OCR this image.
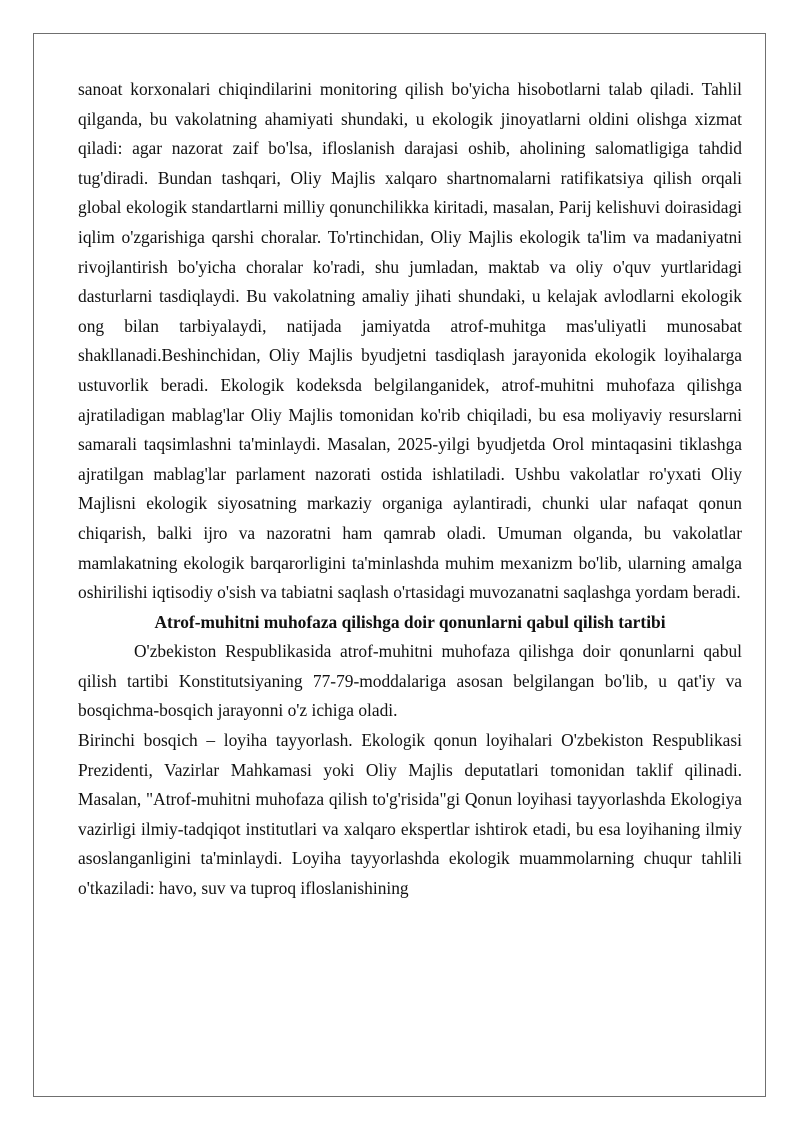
sanoat korxonalari chiqindilarini monitoring qilish bo'yicha hisobotlarni talab qiladi. Tahlil qilganda, bu vakolatning ahamiyati shundaki, u ekologik jinoyatlarni oldini olishga xizmat qiladi: agar nazorat zaif bo'lsa, ifloslanish darajasi oshib, aholining salomatligiga tahdid tug'diradi. Bundan tashqari, Oliy Majlis xalqaro shartnomalarni ratifikatsiya qilish orqali global ekologik standartlarni milliy qonunchilikka kiritadi, masalan, Parij kelishuvi doirasidagi iqlim o'zgarishiga qarshi choralar. To'rtinchidan, Oliy Majlis ekologik ta'lim va madaniyatni rivojlantirish bo'yicha choralar ko'radi, shu jumladan, maktab va oliy o'quv yurtlaridagi dasturlarni tasdiqlaydi. Bu vakolatning amaliy jihati shundaki, u kelajak avlodlarni ekologik ong bilan tarbiyalaydi, natijada jamiyatda atrof-muhitga mas'uliyatli munosabat shakllanadi.Beshinchidan, Oliy Majlis byudjetni tasdiqlash jarayonida ekologik loyihalarga ustuvorlik beradi. Ekologik kodeksda belgilanganidek, atrof-muhitni muhofaza qilishga ajratiladigan mablag'lar Oliy Majlis tomonidan ko'rib chiqiladi, bu esa moliyaviy resurslarni samarali taqsimlashni ta'minlaydi. Masalan, 2025-yilgi byudjetda Orol mintaqasini tiklashga ajratilgan mablag'lar parlament nazorati ostida ishlatiladi. Ushbu vakolatlar ro'yxati Oliy Majlisni ekologik siyosatning markaziy organiga aylantiradi, chunki ular nafaqat qonun chiqarish, balki ijro va nazoratni ham qamrab oladi. Umuman olganda, bu vakolatlar mamlakatning ekologik barqarorligini ta'minlashda muhim mexanizm bo'lib, ularning amalga oshirilishi iqtisodiy o'sish va tabiatni saqlash o'rtasidagi muvozanatni saqlashga yordam beradi.

Atrof-muhitni muhofaza qilishga doir qonunlarni qabul qilish tartibi

O'zbekiston Respublikasida atrof-muhitni muhofaza qilishga doir qonunlarni qabul qilish tartibi Konstitutsiyaning 77-79-moddalariga asosan belgilangan bo'lib, u qat'iy va bosqichma-bosqich jarayonni o'z ichiga oladi.

Birinchi bosqich – loyiha tayyorlash. Ekologik qonun loyihalari O'zbekiston Respublikasi Prezidenti, Vazirlar Mahkamasi yoki Oliy Majlis deputatlari tomonidan taklif qilinadi. Masalan, "Atrof-muhitni muhofaza qilish to'g'risida"gi Qonun loyihasi tayyorlashda Ekologiya vazirligi ilmiy-tadqiqot institutlari va xalqaro ekspertlar ishtirok etadi, bu esa loyihaning ilmiy asoslanganligini ta'minlaydi. Loyiha tayyorlashda ekologik muammolarning chuqur tahlili o'tkaziladi: havo, suv va tuproq ifloslanishining
